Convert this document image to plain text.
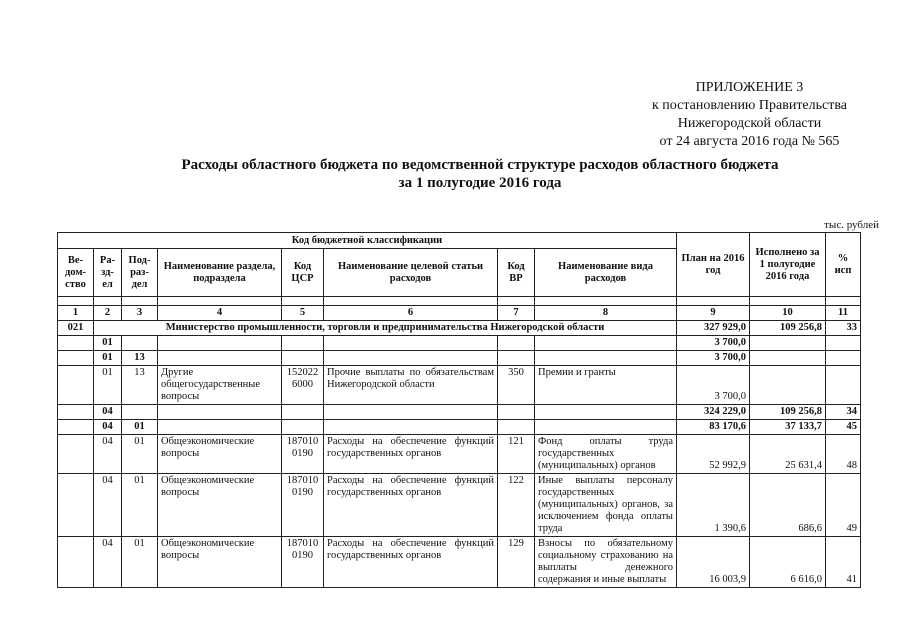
ПРИЛОЖЕНИЕ 3
к постановлению Правительства
Нижегородской области
от 24 августа 2016 года № 565
Расходы областного бюджета по ведомственной структуре расходов областного бюджета
за 1 полугодие 2016 года
тыс. рублей
Код бюджетной классификации								План на 2016 год	Исполнено за 1 полугодие 2016 года	% исп
Ве-дом-ство	Ра-зд-ел	Под-раз-дел	Наименование раздела, подраздела	Код ЦСР	Наименование целевой статьи расходов	Код ВР	Наименование вида расходов			

1	2	3	4	5	6	7	8	9	10	11
021	Министерство промышленности, торговли и предпринимательства Нижегородской области							327 929,0	109 256,8	33
	01							3 700,0		
	01	13						3 700,0		
	01	13	Другие общегосударственные вопросы	152022 6000	Прочие выплаты по обязательствам Нижегородской области	350	Премии и гранты	3 700,0		
	04							324 229,0	109 256,8	34
	04	01						83 170,6	37 133,7	45
	04	01	Общеэкономические вопросы	187010 0190	Расходы на обеспечение функций государственных органов	121	Фонд оплаты труда государственных (муниципальных) органов	52 992,9	25 631,4	48
	04	01	Общеэкономические вопросы	187010 0190	Расходы на обеспечение функций государственных органов	122	Иные выплаты персоналу государственных (муниципальных) органов, за исключением фонда оплаты труда	1 390,6	686,6	49
	04	01	Общеэкономические вопросы	187010 0190	Расходы на обеспечение функций государственных органов	129	Взносы по обязательному социальному страхованию на выплаты денежного содержания и иные выплаты	16 003,9	6 616,0	41
